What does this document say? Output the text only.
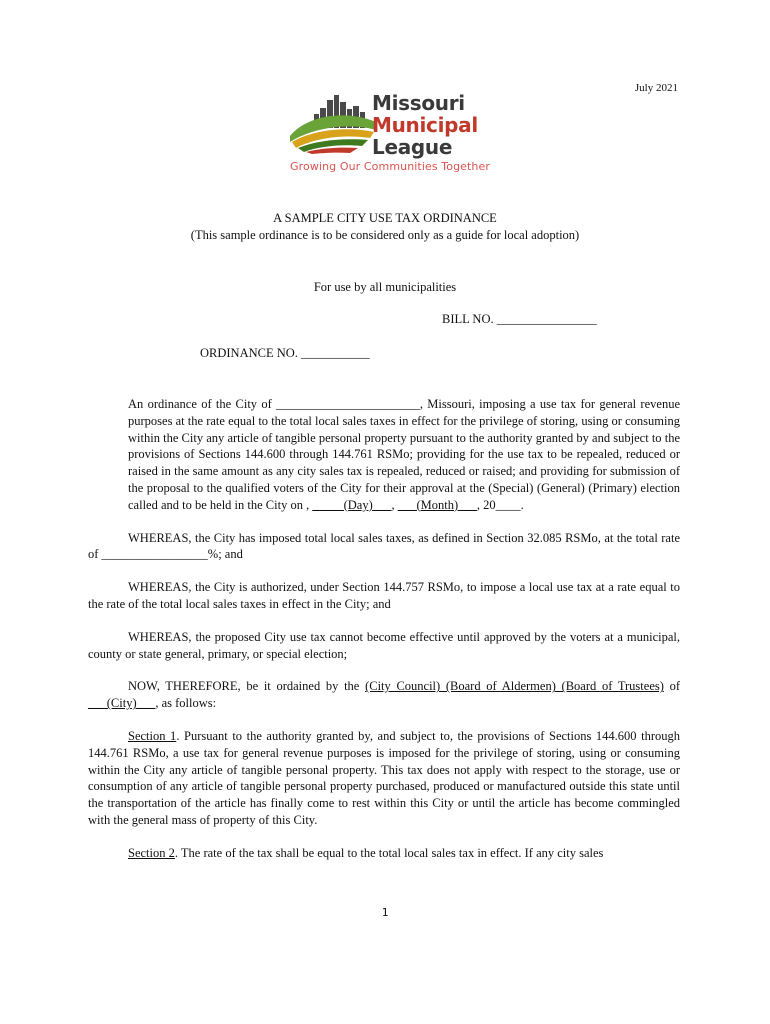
July 2021
Missouri
Municipal
League
Growing Our Communities Together
A SAMPLE CITY USE TAX ORDINANCE
(This sample ordinance is to be considered only as a guide for local adoption)
For use by all municipalities
BILL NO. ________________
ORDINANCE NO. ___________

An ordinance of the City of _______________________, Missouri, imposing a use tax for general revenue purposes at the rate equal to the total local sales taxes in effect for the privilege of storing, using or consuming within the City any article of tangible personal property pursuant to the authority granted by and subject to the provisions of Sections 144.600 through 144.761 RSMo; providing for the use tax to be repealed, reduced or raised in the same amount as any city sales tax is repealed, reduced or raised; and providing for submission of the proposal to the qualified voters of the City for their approval at the (Special) (General) (Primary) election called and to be held in the City on , _____(Day)___, ___(Month)___, 20____.

WHEREAS, the City has imposed total local sales taxes, as defined in Section 32.085 RSMo, at the total rate of _________________%; and

WHEREAS, the City is authorized, under Section 144.757 RSMo, to impose a local use tax at a rate equal to the rate of the total local sales taxes in effect in the City; and

WHEREAS, the proposed City use tax cannot become effective until approved by the voters at a municipal, county or state general, primary, or special election;

NOW, THEREFORE, be it ordained by the (City Council) (Board of Aldermen) (Board of Trustees) of ___(City)___, as follows:

Section 1. Pursuant to the authority granted by, and subject to, the provisions of Sections 144.600 through 144.761 RSMo, a use tax for general revenue purposes is imposed for the privilege of storing, using or consuming within the City any article of tangible personal property. This tax does not apply with respect to the storage, use or consumption of any article of tangible personal property purchased, produced or manufactured outside this state until the transportation of the article has finally come to rest within this City or until the article has become commingled with the general mass of property of this City.

Section 2. The rate of the tax shall be equal to the total local sales tax in effect. If any city sales

1
